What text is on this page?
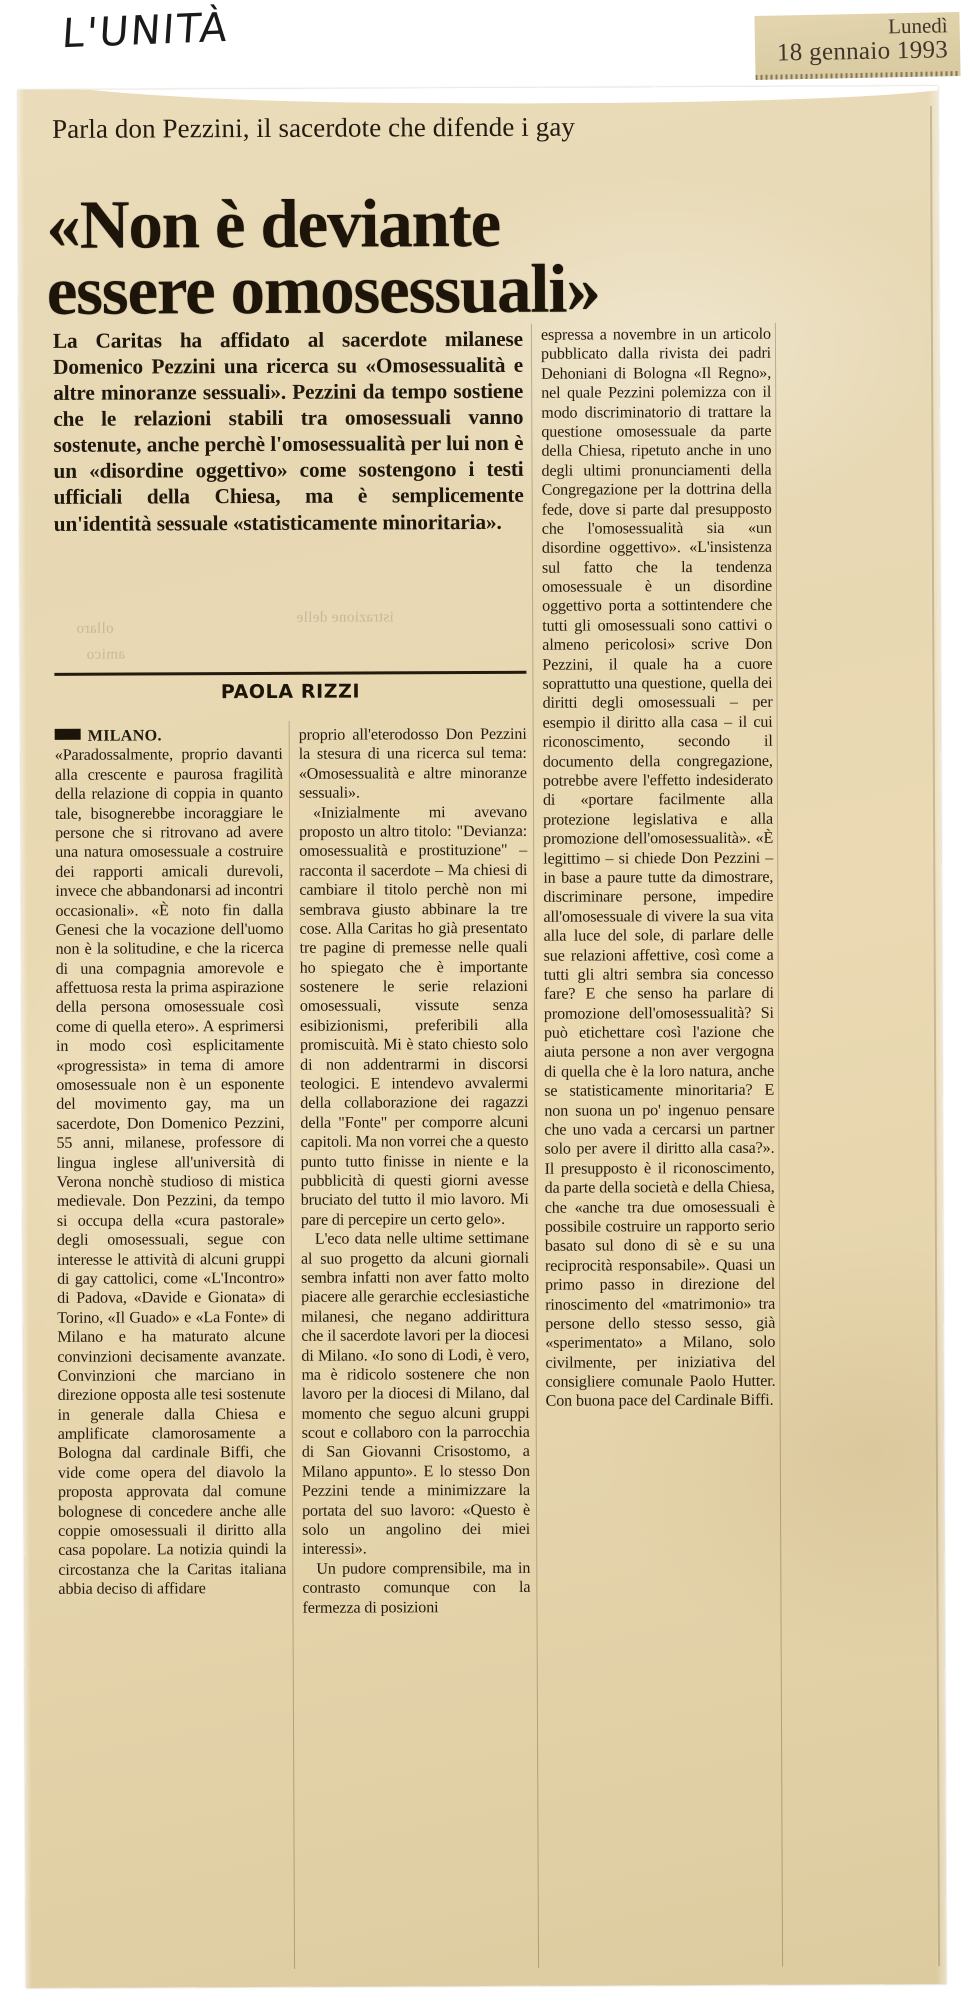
L'UNITÀ	Lunedì
18 gennaio 1993
Parla don Pezzini, il sacerdote che difende i gay
«Non è deviante
essere omosessuali»
La Caritas ha affidato al sacerdote milanese Domenico Pezzini una ricerca su «Omosessualità e altre minoranze sessuali». Pezzini da tempo sostiene che le relazioni stabili tra omosessuali vanno sostenute, anche perchè l'omosessualità per lui non è un «disordine oggettivo» come sostengono i testi ufficiali della Chiesa, ma è semplicemente un'identità sessuale «statisticamente minoritaria».
ollaro
istrazione delle
amico
PAOLA RIZZI

MILANO. «Paradossalmente, proprio davanti alla crescente e paurosa fragilità della relazione di coppia in quanto tale, bisognerebbe incoraggiare le persone che si ritrovano ad avere una natura omosessuale a costruire dei rapporti amicali durevoli, invece che abbandonarsi ad incontri occasionali». «È noto fin dalla Genesi che la vocazione dell'uomo non è la solitudine, e che la ricerca di una compagnia amorevole e affettuosa resta la prima aspirazione della persona omosessuale così come di quella etero». A esprimersi in modo così esplicitamente «progressista» in tema di amore omosessuale non è un esponente del movimento gay, ma un sacerdote, Don Domenico Pezzini, 55 anni, milanese, professore di lingua inglese all'università di Verona nonchè studioso di mistica medievale. Don Pezzini, da tempo si occupa della «cura pastorale» degli omosessuali, segue con interesse le attività di alcuni gruppi di gay cattolici, come «L'Incontro» di Padova, «Davide e Gionata» di Torino, «Il Guado» e «La Fonte» di Milano e ha maturato alcune convinzioni decisamente avanzate. Convinzioni che marciano in direzione opposta alle tesi sostenute in generale dalla Chiesa e amplificate clamorosamente a Bologna dal cardinale Biffi, che vide come opera del diavolo la proposta approvata dal comune bolognese di concedere anche alle coppie omosessuali il diritto alla casa popolare. La notizia quindi la circostanza che la Caritas italiana abbia deciso di affidare

proprio all'eterodosso Don Pezzini la stesura di una ricerca sul tema: «Omosessualità e altre minoranze sessuali».

«Inizialmente mi avevano proposto un altro titolo: "Devianza: omosessualità e prostituzione" – racconta il sacerdote – Ma chiesi di cambiare il titolo perchè non mi sembrava giusto abbinare la tre cose. Alla Caritas ho già presentato tre pagine di premesse nelle quali ho spiegato che è importante sostenere le serie relazioni omosessuali, vissute senza esibizionismi, preferibili alla promiscuità. Mi è stato chiesto solo di non addentrarmi in discorsi teologici. E intendevo avvalermi della collaborazione dei ragazzi della "Fonte" per comporre alcuni capitoli. Ma non vorrei che a questo punto tutto finisse in niente e la pubblicità di questi giorni avesse bruciato del tutto il mio lavoro. Mi pare di percepire un certo gelo».

L'eco data nelle ultime settimane al suo progetto da alcuni giornali sembra infatti non aver fatto molto piacere alle gerarchie ecclesiastiche milanesi, che negano addirittura che il sacerdote lavori per la diocesi di Milano. «Io sono di Lodi, è vero, ma è ridicolo sostenere che non lavoro per la diocesi di Milano, dal momento che seguo alcuni gruppi scout e collaboro con la parrocchia di San Giovanni Crisostomo, a Milano appunto». E lo stesso Don Pezzini tende a minimizzare la portata del suo lavoro: «Questo è solo un angolino dei miei interessi».

Un pudore comprensibile, ma in contrasto comunque con la fermezza di posizioni

espressa a novembre in un articolo pubblicato dalla rivista dei padri Dehoniani di Bologna «Il Regno», nel quale Pezzini polemizza con il modo discriminatorio di trattare la questione omosessuale da parte della Chiesa, ripetuto anche in uno degli ultimi pronunciamenti della Congregazione per la dottrina della fede, dove si parte dal presupposto che l'omosessualità sia «un disordine oggettivo». «L'insistenza sul fatto che la tendenza omosessuale è un disordine oggettivo porta a sottintendere che tutti gli omosessuali sono cattivi o almeno pericolosi» scrive Don Pezzini, il quale ha a cuore soprattutto una questione, quella dei diritti degli omosessuali – per esempio il diritto alla casa – il cui riconoscimento, secondo il documento della congregazione, potrebbe avere l'effetto indesiderato di «portare facilmente alla protezione legislativa e alla promozione dell'omosessualità». «È legittimo – si chiede Don Pezzini –in base a paure tutte da dimostrare, discriminare persone, impedire all'omosessuale di vivere la sua vita alla luce del sole, di parlare delle sue relazioni affettive, così come a tutti gli altri sembra sia concesso fare? E che senso ha parlare di promozione dell'omosessualità? Si può etichettare così l'azione che aiuta persone a non aver vergogna di quella che è la loro natura, anche se statisticamente minoritaria? E non suona un po' ingenuo pensare che uno vada a cercarsi un partner solo per avere il diritto alla casa?». Il presupposto è il riconoscimento, da parte della società e della Chiesa, che «anche tra due omosessuali è possibile costruire un rapporto serio basato sul dono di sè e su una reciprocità responsabile». Quasi un primo passo in direzione del rinoscimento del «matrimonio» tra persone dello stesso sesso, già «sperimentato» a Milano, solo civilmente, per iniziativa del consigliere comunale Paolo Hutter. Con buona pace del Cardinale Biffi.
